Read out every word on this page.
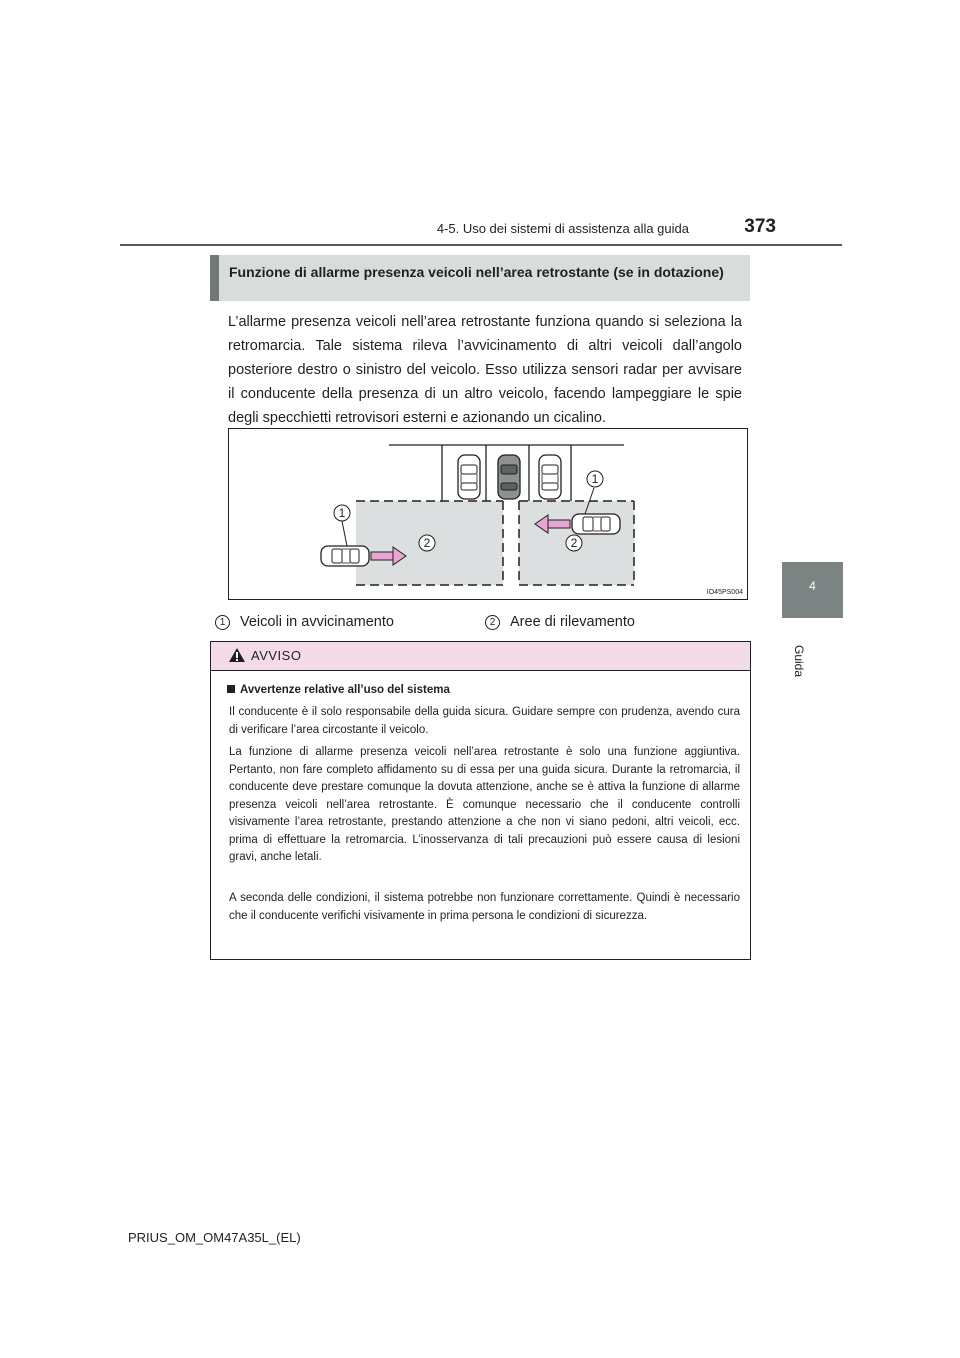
4-5. Uso dei sistemi di assistenza alla guida	373
4
Guida
Funzione di allarme presenza veicoli nell’area retrostante (se in dotazione)
L’allarme presenza veicoli nell’area retrostante funziona quando si seleziona la retromarcia. Tale sistema rileva l’avvicinamento di altri veicoli dall’angolo posteriore destro o sinistro del veicolo. Esso utilizza sensori radar per avvisare il conducente della presenza di un altro veicolo, facendo lampeggiare le spie degli specchietti retrovisori esterni e azionando un cicalino.
1
1
2	2
IO45PS004
1 Veicoli in avvicinamento	2 Aree di rilevamento
AVVISO
Avvertenze relative all’uso del sistema
Il conducente è il solo responsabile della guida sicura. Guidare sempre con prudenza, avendo cura di verificare l’area circostante il veicolo.
La funzione di allarme presenza veicoli nell’area retrostante è solo una funzione aggiuntiva. Pertanto, non fare completo affidamento su di essa per una guida sicura. Durante la retromarcia, il conducente deve prestare comunque la dovuta attenzione, anche se è attiva la funzione di allarme presenza veicoli nell’area retrostante. È comunque necessario che il conducente controlli visivamente l’area retrostante, prestando attenzione a che non vi siano pedoni, altri veicoli, ecc. prima di effettuare la retromarcia. L’inosservanza di tali precauzioni può essere causa di lesioni gravi, anche letali.
A seconda delle condizioni, il sistema potrebbe non funzionare correttamente. Quindi è necessario che il conducente verifichi visivamente in prima persona le condizioni di sicurezza.
PRIUS_OM_OM47A35L_(EL)
